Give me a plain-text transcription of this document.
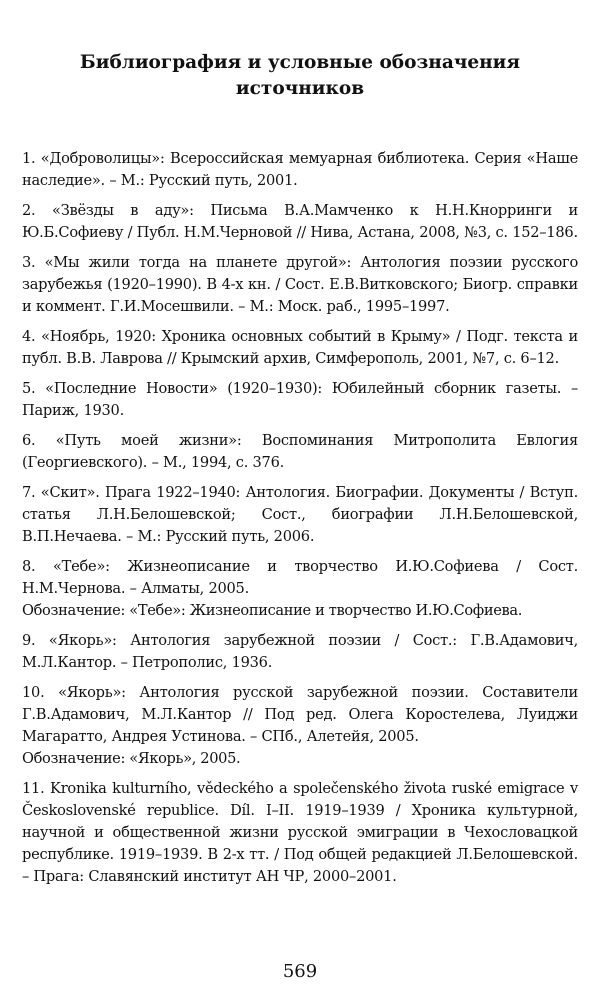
Библиография и условные обозначения источников

1. «Доброволицы»: Всероссийская мемуарная библиотека. Серия «Наше наследие». – М.: Русский путь, 2001.

2. «Звёзды в аду»: Письма В.А.Мамченко к Н.Н.Кнорринги и Ю.Б.Софиеву / Публ. Н.М.Черновой // Нива, Астана, 2008, №3, с. 152–186.

3. «Мы жили тогда на планете другой»: Антология поэзии русского зарубежья (1920–1990). В 4-х кн. / Сост. Е.В.Витковского; Биогр. справки и коммент. Г.И.Мосешвили. – М.: Моск. раб., 1995–1997.

4. «Ноябрь, 1920: Хроника основных событий в Крыму» / Подг. текста и публ. В.В. Лаврова // Крымский архив, Симферополь, 2001, №7, с. 6–12.

5. «Последние Новости» (1920–1930): Юбилейный сборник газеты. – Париж, 1930.

6. «Путь моей жизни»: Воспоминания Митрополита Евлогия (Георгиевского). – М., 1994, с. 376.

7. «Скит». Прага 1922–1940: Антология. Биографии. Документы / Вступ. статья Л.Н.Белошевской; Сост., биографии Л.Н.Белошевской, В.П.Нечаева. – М.: Русский путь, 2006.

8. «Тебе»: Жизнеописание и творчество И.Ю.Софиева / Сост. Н.М.Чернова. – Алматы, 2005.

Обозначение: «Тебе»: Жизнеописание и творчество И.Ю.Софиева.

9. «Якорь»: Антология зарубежной поэзии / Сост.: Г.В.Адамович, М.Л.Кантор. – Петрополис, 1936.

10. «Якорь»: Антология русской зарубежной поэзии. Составители Г.В.Адамович, М.Л.Кантор // Под ред. Олега Коростелева, Луиджи Магаратто, Андрея Устинова. – СПб., Алетейя, 2005.

Обозначение: «Якорь», 2005.

11. Kronika kulturního, vědeckého a společenského života ruské emigrace v Československé republice. Díl. I–II. 1919–1939 / Хроника культурной, научной и общественной жизни русской эмиграции в Чехословацкой республике. 1919–1939. В 2-х тт. / Под общей редакцией Л.Белошевской. – Прага: Славянский институт АН ЧР, 2000–2001.

569
